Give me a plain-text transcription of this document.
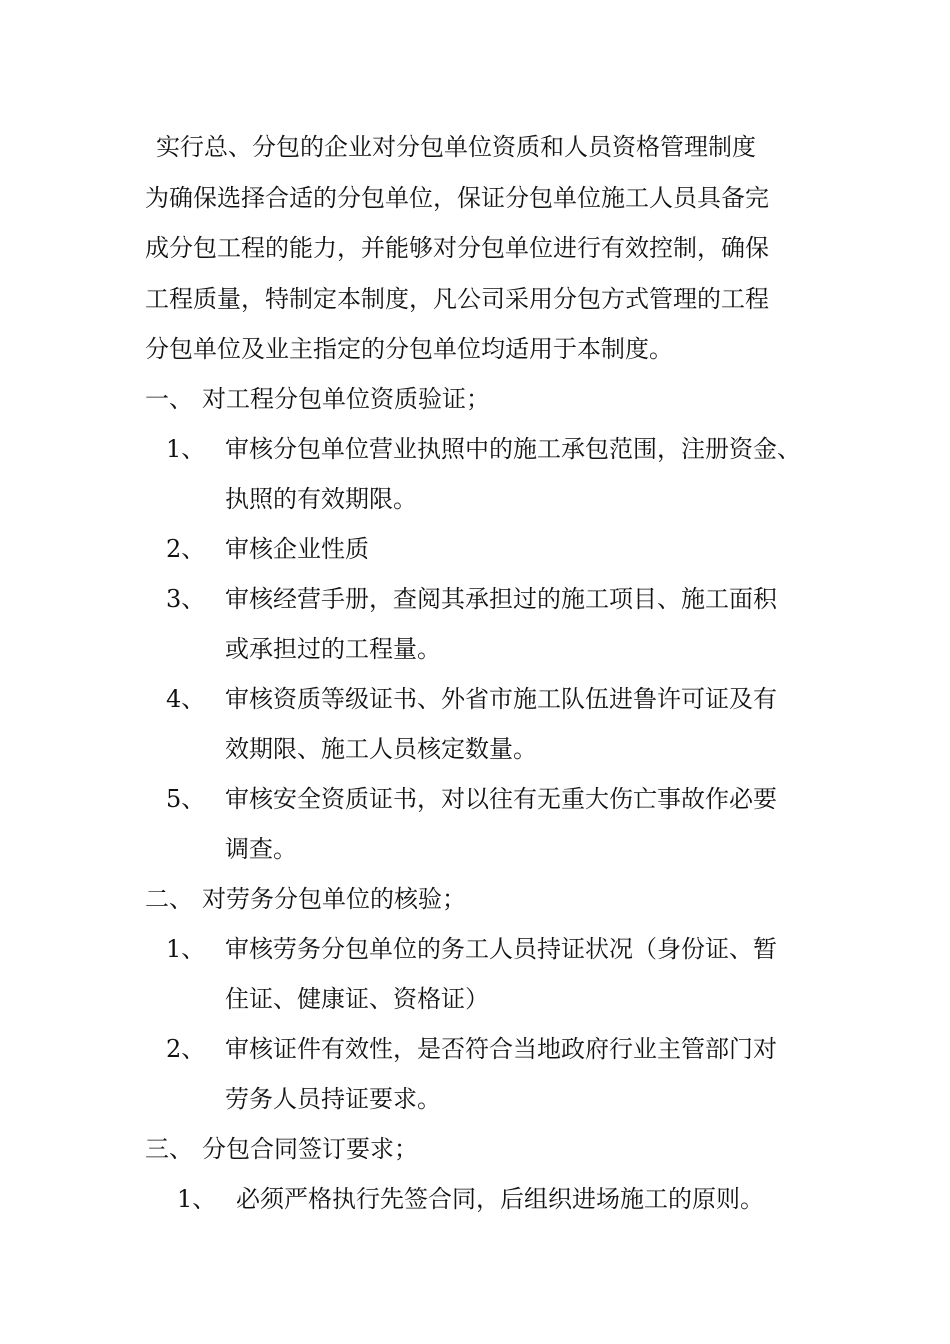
实行总、分包的企业对分包单位资质和人员资格管理制度
为确保选择合适的分包单位，保证分包单位施工人员具备完
成分包工程的能力，并能够对分包单位进行有效控制，确保
工程质量，特制定本制度，凡公司采用分包方式管理的工程
分包单位及业主指定的分包单位均适用于本制度。
一、 对工程分包单位资质验证；
1、 审核分包单位营业执照中的施工承包范围，注册资金、
执照的有效期限。
2、 审核企业性质
3、 审核经营手册，查阅其承担过的施工项目、施工面积
或承担过的工程量。
4、 审核资质等级证书、外省市施工队伍进鲁许可证及有
效期限、施工人员核定数量。
5、 审核安全资质证书，对以往有无重大伤亡事故作必要
调查。
二、 对劳务分包单位的核验；
1、 审核劳务分包单位的务工人员持证状况（身份证、暂
住证、健康证、资格证）
2、 审核证件有效性，是否符合当地政府行业主管部门对
劳务人员持证要求。
三、 分包合同签订要求；
1、 必须严格执行先签合同，后组织进场施工的原则。
